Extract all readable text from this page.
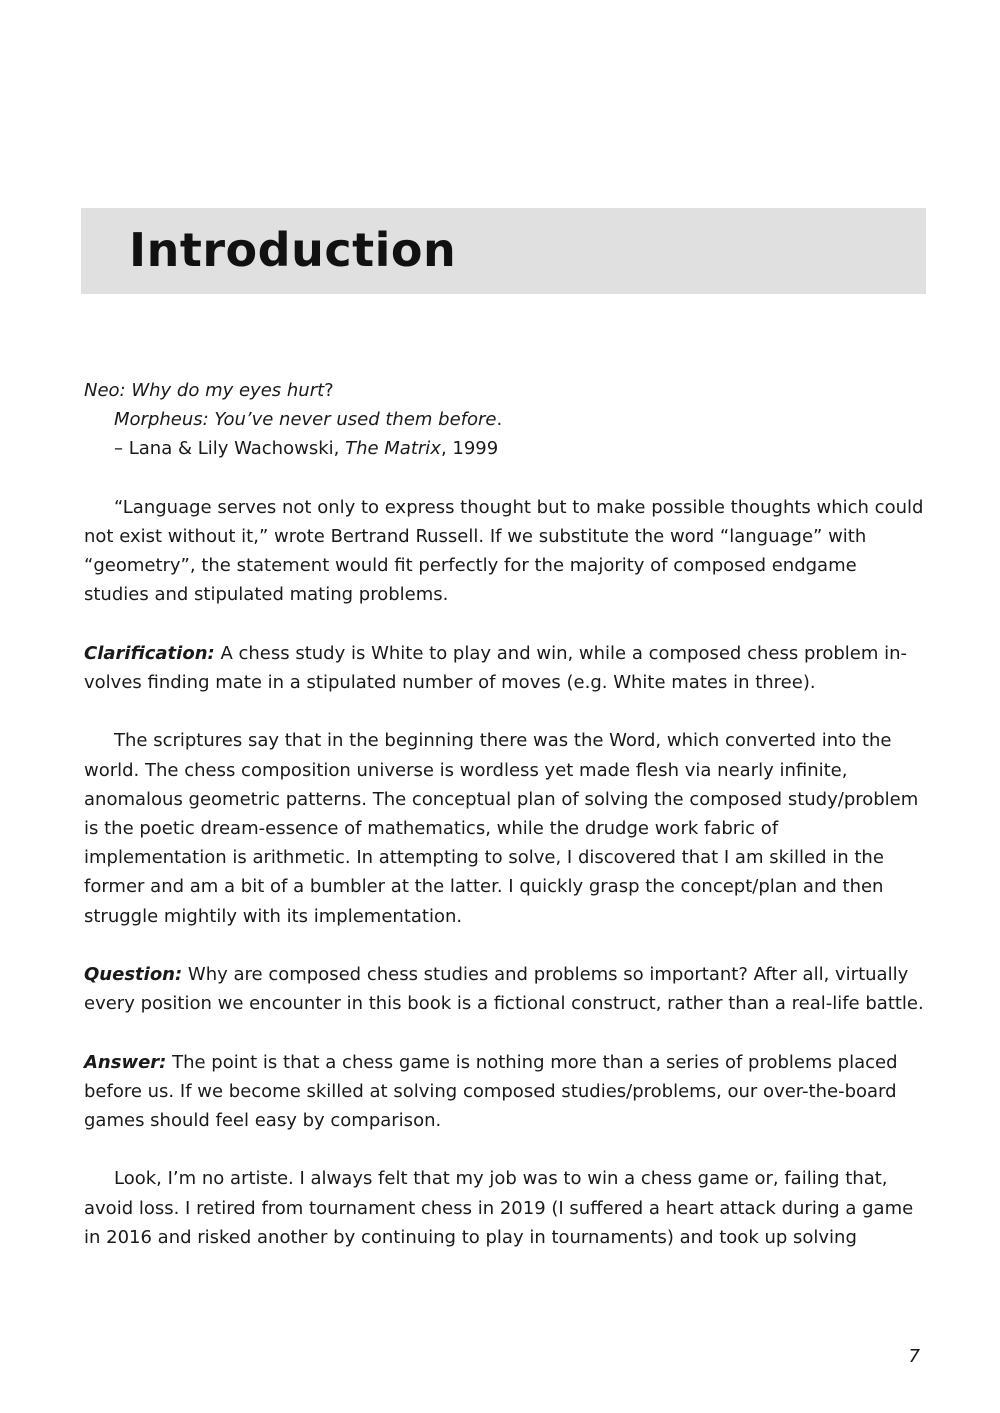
Introduction

Neo: Why do my eyes hurt?

Morpheus: You’ve never used them before.

– Lana & Lily Wachowski, The Matrix, 1999

“Language serves not only to express thought but to make possible thoughts which could not exist without it,” wrote Bertrand Russell. If we substitute the word “language” with “geometry”, the statement would fit perfectly for the majority of composed endgame studies and stipulated mating problems.

Clarification: A chess study is White to play and win, while a composed chess problem involves finding mate in a stipulated number of moves (e.g. White mates in three).

The scriptures say that in the beginning there was the Word, which converted into the world. The chess composition universe is wordless yet made flesh via nearly infinite, anomalous geometric patterns. The conceptual plan of solving the composed study/problem is the poetic dream-essence of mathematics, while the drudge work fabric of implementation is arithmetic. In attempting to solve, I discovered that I am skilled in the former and am a bit of a bumbler at the latter. I quickly grasp the concept/plan and then struggle mightily with its implementation.

Question: Why are composed chess studies and problems so important? After all, virtually every position we encounter in this book is a fictional construct, rather than a real-life battle.

Answer: The point is that a chess game is nothing more than a series of problems placed before us. If we become skilled at solving composed studies/problems, our over-the-board games should feel easy by comparison.

Look, I’m no artiste. I always felt that my job was to win a chess game or, failing that, avoid loss. I retired from tournament chess in 2019 (I suffered a heart attack during a game in 2016 and risked another by continuing to play in tournaments) and took up solving

7
